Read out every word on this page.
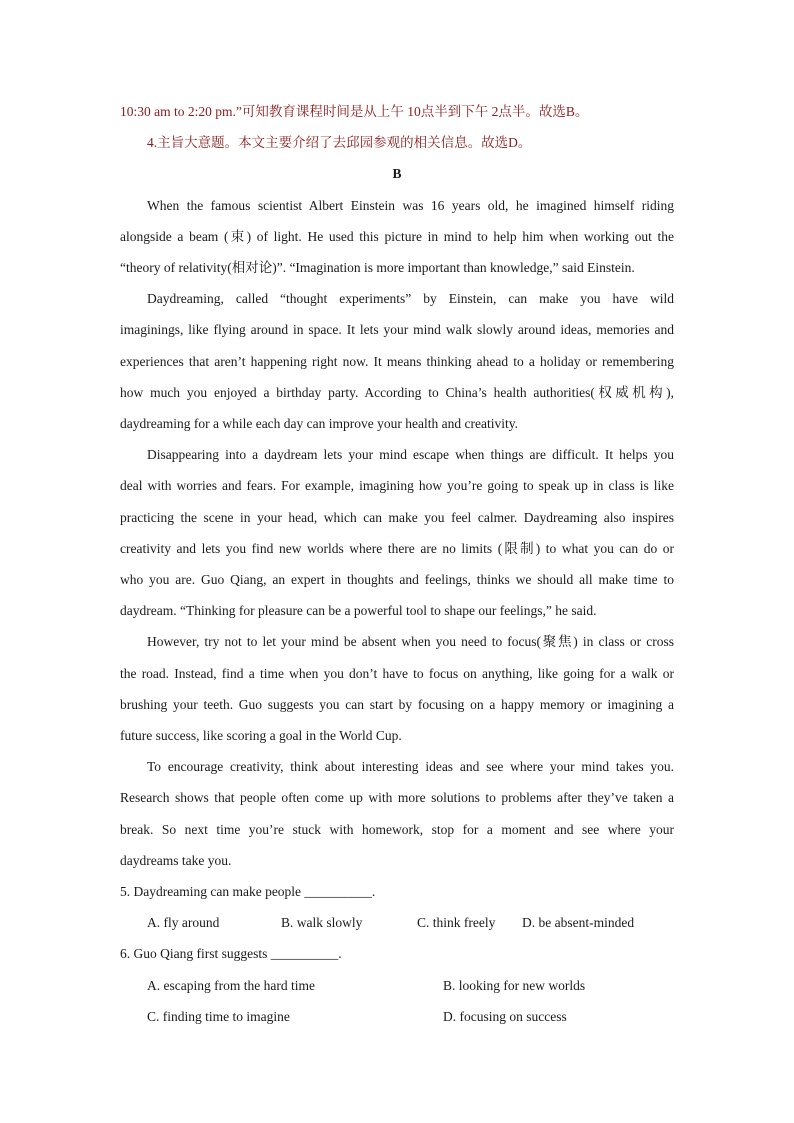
10:30 am to 2:20 pm.”可知教育课程时间是从上午 10点半到下午 2点半。故选B。
4.主旨大意题。本文主要介绍了去邱园参观的相关信息。故选D。
B
When the famous scientist Albert Einstein was 16 years old, he imagined himself riding
alongside a beam (束) of light. He used this picture in mind to help him when working out the
“theory of relativity(相对论)”. “Imagination is more important than knowledge,” said Einstein.
Daydreaming, called “thought experiments” by Einstein, can make you have wild
imaginings, like flying around in space. It lets your mind walk slowly around ideas, memories and
experiences that aren’t happening right now. It means thinking ahead to a holiday or remembering
how much you enjoyed a birthday party. According to China’s health authorities(权威机构),
daydreaming for a while each day can improve your health and creativity.
Disappearing into a daydream lets your mind escape when things are difficult. It helps you
deal with worries and fears. For example, imagining how you’re going to speak up in class is like
practicing the scene in your head, which can make you feel calmer. Daydreaming also inspires
creativity and lets you find new worlds where there are no limits (限制) to what you can do or
who you are. Guo Qiang, an expert in thoughts and feelings, thinks we should all make time to
daydream. “Thinking for pleasure can be a powerful tool to shape our feelings,” he said.
However, try not to let your mind be absent when you need to focus(聚焦) in class or cross
the road. Instead, find a time when you don’t have to focus on anything, like going for a walk or
brushing your teeth. Guo suggests you can start by focusing on a happy memory or imagining a
future success, like scoring a goal in the World Cup.
To encourage creativity, think about interesting ideas and see where your mind takes you.
Research shows that people often come up with more solutions to problems after they’ve taken a
break. So next time you’re stuck with homework, stop for a moment and see where your
daydreams take you.
5. Daydreaming can make people __________.
A. fly around	B. walk slowly	C. think freely	D. be absent-minded
6. Guo Qiang first suggests __________.
A. escaping from the hard time	B. looking for new worlds
C. finding time to imagine	D. focusing on success
